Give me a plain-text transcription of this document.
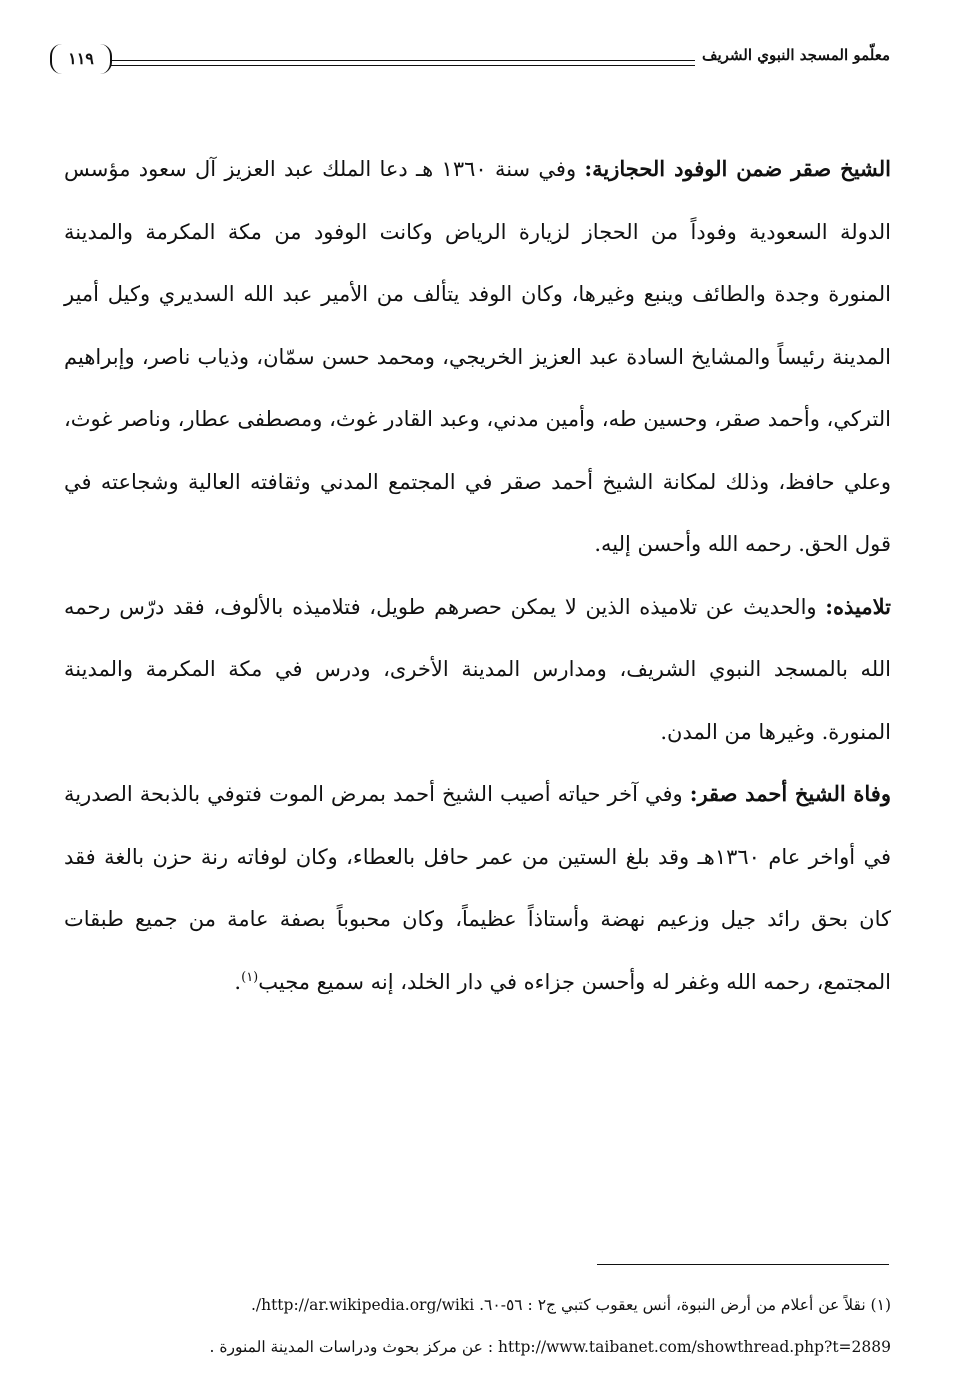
معلّمو المسجد النبوي الشريف
١١٩

الشيخ صقر ضمن الوفود الحجازية: وفي سنة ١٣٦٠ هـ دعا الملك عبد العزيز آل سعود مؤسس الدولة السعودية وفوداً من الحجاز لزيارة الرياض وكانت الوفود من مكة المكرمة والمدينة المنورة وجدة والطائف وينبع وغيرها، وكان الوفد يتألف من الأمير عبد الله السديري وكيل أمير المدينة رئيساً والمشايخ السادة عبد العزيز الخريجي، ومحمد حسن سمّان، وذياب ناصر، وإبراهيم التركي، وأحمد صقر، وحسين طه، وأمين مدني، وعبد القادر غوث، ومصطفى عطار، وناصر غوث، وعلي حافظ، وذلك لمكانة الشيخ أحمد صقر في المجتمع المدني وثقافته العالية وشجاعته في قول الحق. رحمه الله وأحسن إليه.

تلاميذه: والحديث عن تلاميذه الذين لا يمكن حصرهم طويل، فتلاميذه بالألوف، فقد درّس رحمه الله بالمسجد النبوي الشريف، ومدارس المدينة الأخرى، ودرس في مكة المكرمة والمدينة المنورة. وغيرها من المدن.

وفاة الشيخ أحمد صقر: وفي آخر حياته أصيب الشيخ أحمد بمرض الموت فتوفي بالذبحة الصدرية في أواخر عام ١٣٦٠هـ وقد بلغ الستين من عمر حافل بالعطاء، وكان لوفاته رنة حزن بالغة فقد كان بحق رائد جيل وزعيم نهضة وأستاذاً عظيماً، وكان محبوباً بصفة عامة من جميع طبقات المجتمع، رحمه الله وغفر له وأحسن جزاءه في دار الخلد، إنه سميع مجيب$^{(١)}$.

(١) نقلاً عن أعلام من أرض النبوة، أنس يعقوب كتبي ج٢ : ٥٦-٦٠. /http://ar.wikipedia.org/wiki.

http://www.taibanet.com/showthread.php?t=2889 : عن مركز بحوث ودراسات المدينة المنورة .
